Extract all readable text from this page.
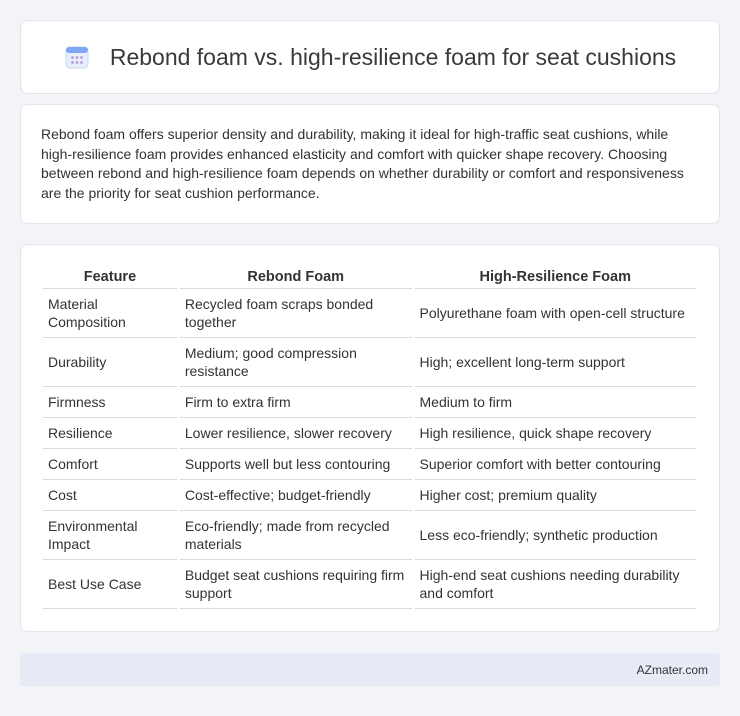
Rebond foam vs. high-resilience foam for seat cushions

Rebond foam offers superior density and durability, making it ideal for high-traffic seat cushions, while high-resilience foam provides enhanced elasticity and comfort with quicker shape recovery. Choosing between rebond and high-resilience foam depends on whether durability or comfort and responsiveness are the priority for seat cushion performance.

Feature	Rebond Foam	High-Resilience Foam
Material Composition	Recycled foam scraps bonded together	Polyurethane foam with open-cell structure
Durability	Medium; good compression resistance	High; excellent long-term support
Firmness	Firm to extra firm	Medium to firm
Resilience	Lower resilience, slower recovery	High resilience, quick shape recovery
Comfort	Supports well but less contouring	Superior comfort with better contouring
Cost	Cost-effective; budget-friendly	Higher cost; premium quality
Environmental Impact	Eco-friendly; made from recycled materials	Less eco-friendly; synthetic production
Best Use Case	Budget seat cushions requiring firm support	High-end seat cushions needing durability and comfort
AZmater.com
